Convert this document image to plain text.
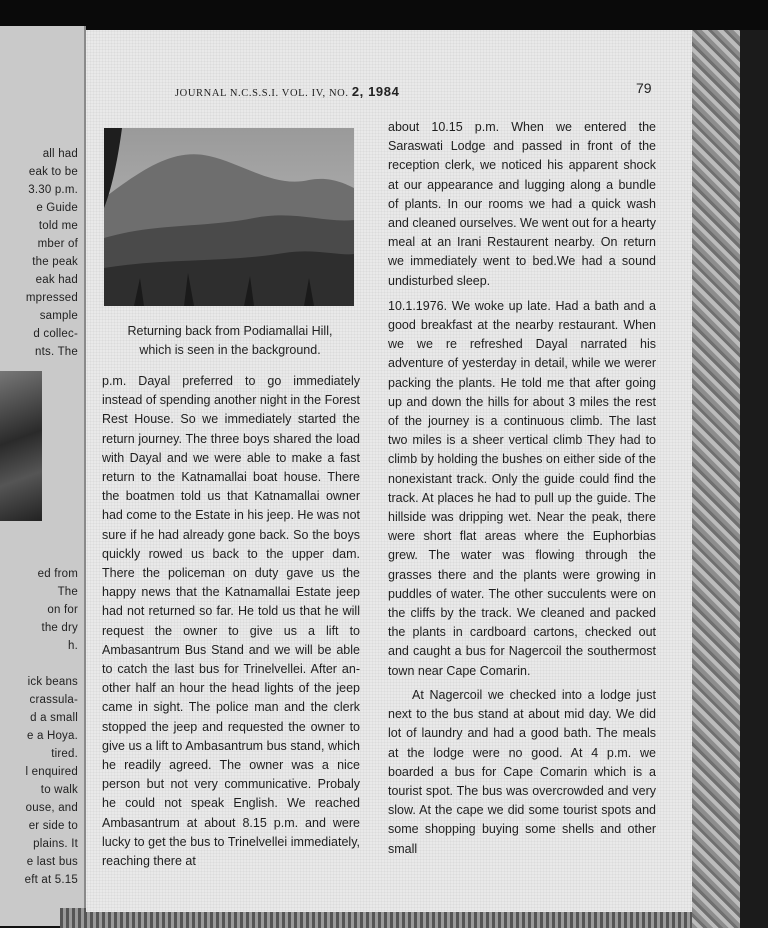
all had
eak to be
3.30 p.m.
e Guide
told me
mber of
the peak
eak had
mpressed
sample
d collec-
nts. The
ed from
The
on for
the dry
h.
ick beans
crassula-
d a small
e a Hoya.
tired.
l enquired
to walk
ouse, and
er side to
plains. It
e last bus
eft at 5.15
JOURNAL N.C.S.S.I. VOL. IV, NO. 2, 1984	79
Returning back from Podiamallai Hill,
which is seen in the background.

p.m. Dayal preferred to go immediately instead of spending another night in the Forest Rest House. So we immediately started the return journey. The three boys shared the load with Dayal and we were able to make a fast return to the Katnamallai boat house. There the boatmen told us that Katnamallai owner had come to the Estate in his jeep. He was not sure if he had already gone back. So the boys quickly rowed us back to the upper dam. There the policeman on duty gave us the happy news that the Katnamallai Estate jeep had not returned so far. He told us that he will request the owner to give us a lift to Ambasantrum Bus Stand and we will be able to catch the last bus for Trinelvellei. After an-other half an hour the head lights of the jeep came in sight. The police man and the clerk stopped the jeep and requested the owner to give us a lift to Ambasantrum bus stand, which he readily agreed. The owner was a nice person but not very communicative. Probaly he could not speak English. We reached Ambasantrum at about 8.15 p.m. and were lucky to get the bus to Trinelvellei immediately, reaching there at

about 10.15 p.m. When we entered the Saraswati Lodge and passed in front of the reception clerk, we noticed his apparent shock at our appearance and lugging along a bundle of plants. In our rooms we had a quick wash and cleaned ourselves. We went out for a hearty meal at an Irani Restaurent nearby. On return we immediately went to bed.We had a sound undisturbed sleep.

10.1.1976. We woke up late. Had a bath and a good breakfast at the nearby restaurant. When we we re refreshed Dayal narrated his adventure of yesterday in detail, while we werer packing the plants. He told me that after going up and down the hills for about 3 miles the rest of the journey is a continuous climb. The last two miles is a sheer vertical climb They had to climb by holding the bushes on either side of the nonexistant track. Only the guide could find the track. At places he had to pull up the guide. The hillside was dripping wet. Near the peak, there were short flat areas where the Euphorbias grew. The water was flowing through the grasses there and the plants were growing in puddles of water. The other succulents were on the cliffs by the track. We cleaned and packed the plants in cardboard cartons, checked out and caught a bus for Nagercoil the southermost town near Cape Comarin.

At Nagercoil we checked into a lodge just next to the bus stand at about mid day. We did lot of laundry and had a good bath. The meals at the lodge were no good. At 4 p.m. we boarded a bus for Cape Comarin which is a tourist spot. The bus was overcrowded and very slow. At the cape we did some tourist spots and some shopping buying some shells and other small
